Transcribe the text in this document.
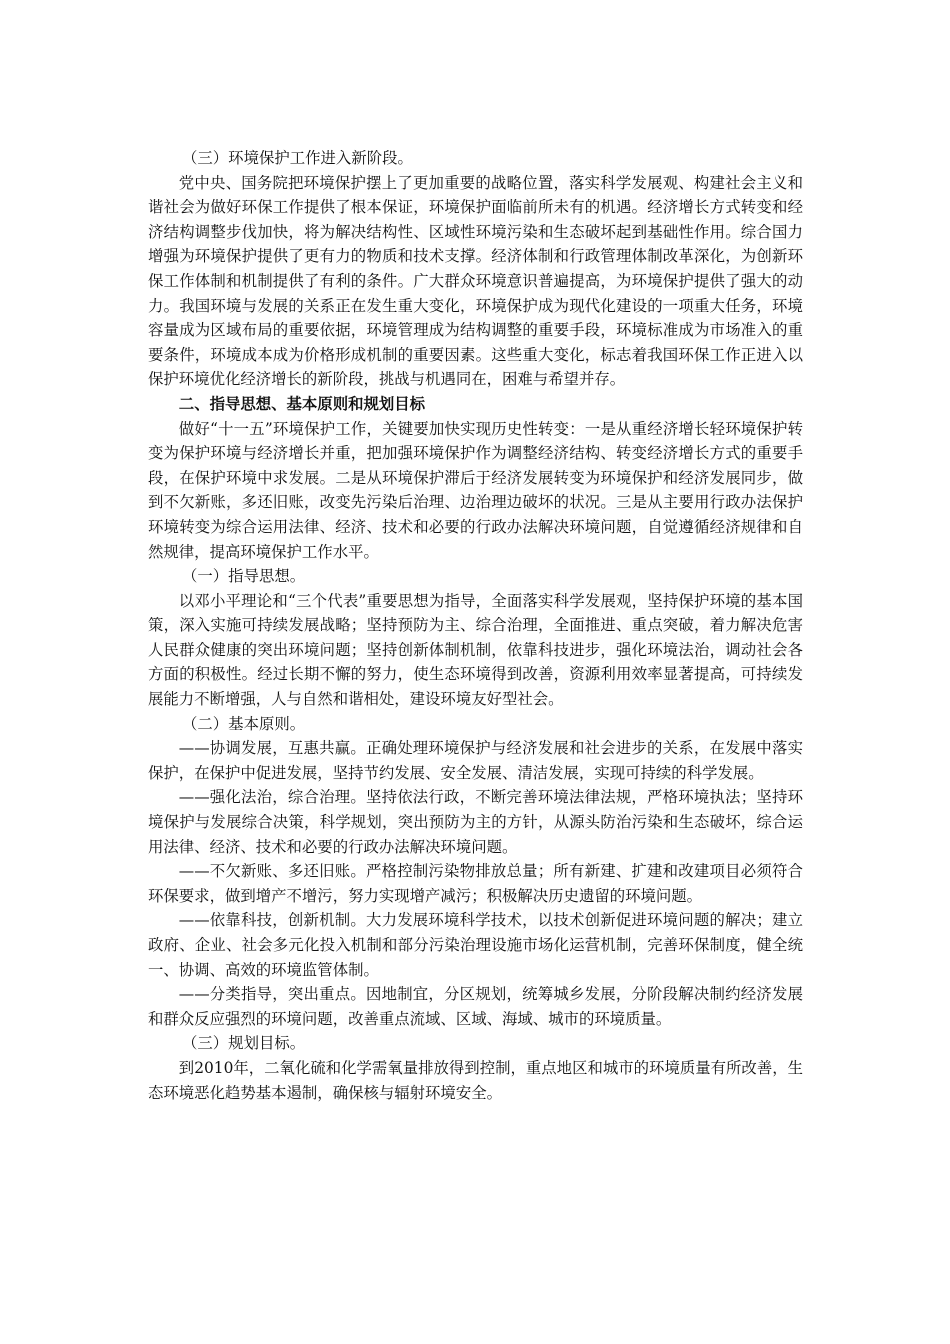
（三）环境保护工作进入新阶段。

党中央、国务院把环境保护摆上了更加重要的战略位置，落实科学发展观、构建社会主义和谐社会为做好环保工作提供了根本保证，环境保护面临前所未有的机遇。经济增长方式转变和经济结构调整步伐加快，将为解决结构性、区域性环境污染和生态破坏起到基础性作用。综合国力增强为环境保护提供了更有力的物质和技术支撑。经济体制和行政管理体制改革深化，为创新环保工作体制和机制提供了有利的条件。广大群众环境意识普遍提高，为环境保护提供了强大的动力。我国环境与发展的关系正在发生重大变化，环境保护成为现代化建设的一项重大任务，环境容量成为区域布局的重要依据，环境管理成为结构调整的重要手段，环境标准成为市场准入的重要条件，环境成本成为价格形成机制的重要因素。这些重大变化，标志着我国环保工作正进入以保护环境优化经济增长的新阶段，挑战与机遇同在，困难与希望并存。

二、指导思想、基本原则和规划目标

做好“十一五”环境保护工作，关键要加快实现历史性转变：一是从重经济增长轻环境保护转变为保护环境与经济增长并重，把加强环境保护作为调整经济结构、转变经济增长方式的重要手段，在保护环境中求发展。二是从环境保护滞后于经济发展转变为环境保护和经济发展同步，做到不欠新账，多还旧账，改变先污染后治理、边治理边破坏的状况。三是从主要用行政办法保护环境转变为综合运用法律、经济、技术和必要的行政办法解决环境问题，自觉遵循经济规律和自然规律，提高环境保护工作水平。

（一）指导思想。

以邓小平理论和“三个代表”重要思想为指导，全面落实科学发展观，坚持保护环境的基本国策，深入实施可持续发展战略；坚持预防为主、综合治理，全面推进、重点突破，着力解决危害人民群众健康的突出环境问题；坚持创新体制机制，依靠科技进步，强化环境法治，调动社会各方面的积极性。经过长期不懈的努力，使生态环境得到改善，资源利用效率显著提高，可持续发展能力不断增强，人与自然和谐相处，建设环境友好型社会。

（二）基本原则。

——协调发展，互惠共赢。正确处理环境保护与经济发展和社会进步的关系，在发展中落实保护，在保护中促进发展，坚持节约发展、安全发展、清洁发展，实现可持续的科学发展。

——强化法治，综合治理。坚持依法行政，不断完善环境法律法规，严格环境执法；坚持环境保护与发展综合决策，科学规划，突出预防为主的方针，从源头防治污染和生态破坏，综合运用法律、经济、技术和必要的行政办法解决环境问题。

——不欠新账、多还旧账。严格控制污染物排放总量；所有新建、扩建和改建项目必须符合环保要求，做到增产不增污，努力实现增产减污；积极解决历史遗留的环境问题。

——依靠科技，创新机制。大力发展环境科学技术，以技术创新促进环境问题的解决；建立政府、企业、社会多元化投入机制和部分污染治理设施市场化运营机制，完善环保制度，健全统一、协调、高效的环境监管体制。

——分类指导，突出重点。因地制宜，分区规划，统筹城乡发展，分阶段解决制约经济发展和群众反应强烈的环境问题，改善重点流域、区域、海域、城市的环境质量。

（三）规划目标。

到2010年，二氧化硫和化学需氧量排放得到控制，重点地区和城市的环境质量有所改善，生态环境恶化趋势基本遏制，确保核与辐射环境安全。
